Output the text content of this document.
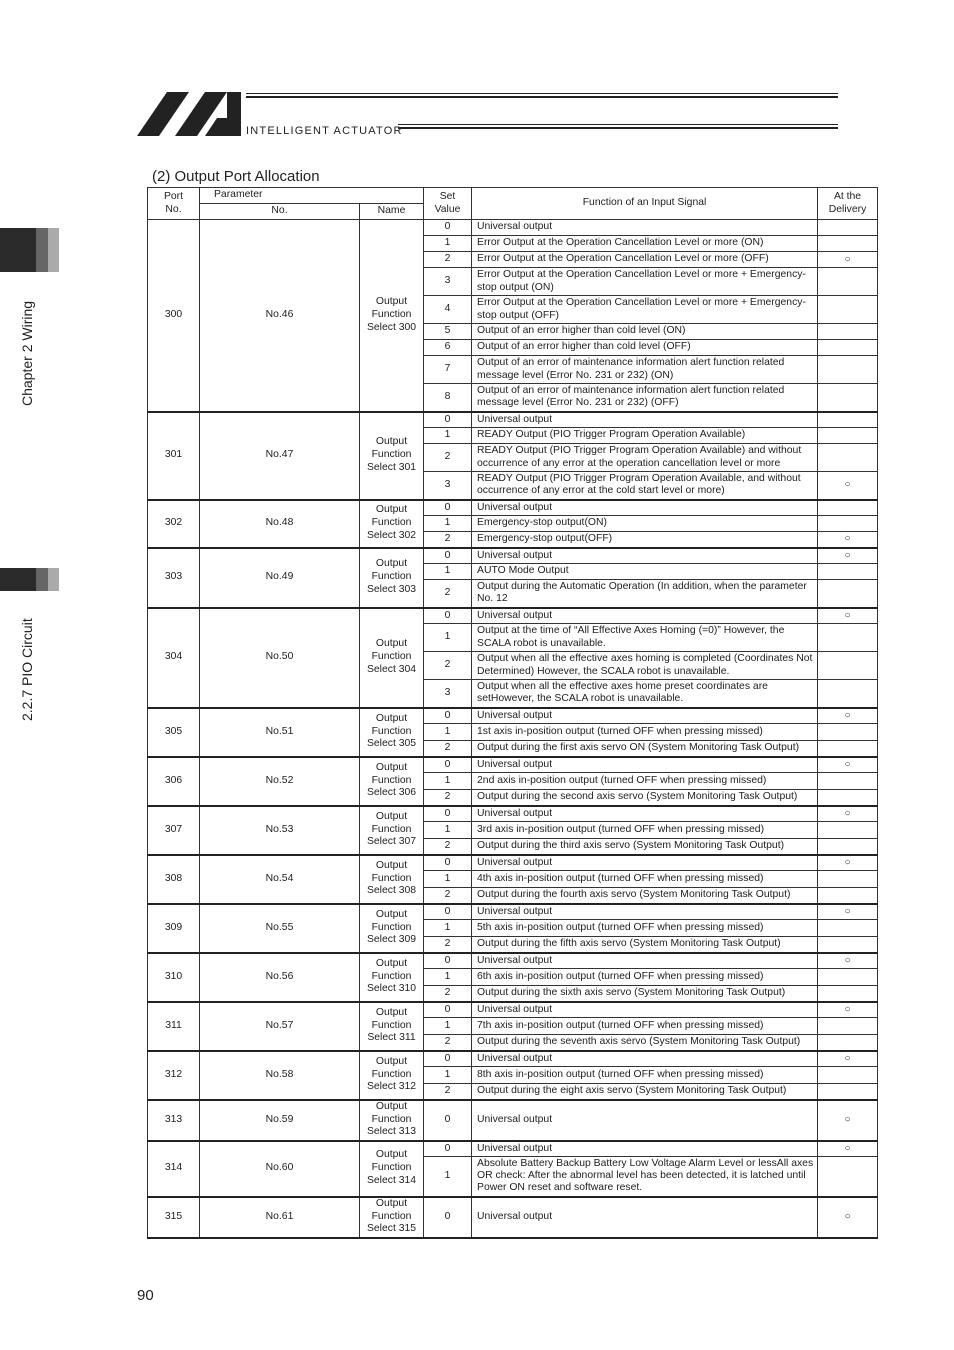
INTELLIGENT ACTUATOR
Chapter 2 Wiring
2.2.7 PIO Circuit
(2) Output Port Allocation
Port No.	Parameter		Set Value	Function of an Input Signal	At the Delivery
	No.	Name			
300	No.46	Output Function Select 300	0	Universal output	
			1	Error Output at the Operation Cancellation Level or more (ON)	
			2	Error Output at the Operation Cancellation Level or more (OFF)	○
			3	Error Output at the Operation Cancellation Level or more + Emergency-stop output (ON)	
			4	Error Output at the Operation Cancellation Level or more + Emergency-stop output (OFF)	
			5	Output of an error higher than cold level (ON)	
			6	Output of an error higher than cold level (OFF)	
			7	Output of an error of maintenance information alert function related message level (Error No. 231 or 232) (ON)	
			8	Output of an error of maintenance information alert function related message level (Error No. 231 or 232) (OFF)	
301	No.47	Output Function Select 301	0	Universal output	
			1	READY Output (PIO Trigger Program Operation Available)	
			2	READY Output (PIO Trigger Program Operation Available) and without occurrence of any error at the operation cancellation level or more	
			3	READY Output (PIO Trigger Program Operation Available, and without occurrence of any error at the cold start level or more)	○
302	No.48	Output Function Select 302	0	Universal output	
			1	Emergency-stop output(ON)	
			2	Emergency-stop output(OFF)	○
303	No.49	Output Function Select 303	0	Universal output	○
			1	AUTO Mode Output	
			2	Output during the Automatic Operation (In addition, when the parameter No. 12	
304	No.50	Output Function Select 304	0	Universal output	○
			1	Output at the time of “All Effective Axes Homing (=0)” However, the SCALA robot is unavailable.	
			2	Output when all the effective axes homing is completed (Coordinates Not Determined) However, the SCALA robot is unavailable.	
			3	Output when all the effective axes home preset coordinates are setHowever, the SCALA robot is unavailable.	
305	No.51	Output Function Select 305	0	Universal output	○
			1	1st axis in-position output (turned OFF when pressing missed)	
			2	Output during the first axis servo ON (System Monitoring Task Output)	
306	No.52	Output Function Select 306	0	Universal output	○
			1	2nd axis in-position output (turned OFF when pressing missed)	
			2	Output during the second axis servo (System Monitoring Task Output)	
307	No.53	Output Function Select 307	0	Universal output	○
			1	3rd axis in-position output (turned OFF when pressing missed)	
			2	Output during the third axis servo (System Monitoring Task Output)	
308	No.54	Output Function Select 308	0	Universal output	○
			1	4th axis in-position output (turned OFF when pressing missed)	
			2	Output during the fourth axis servo (System Monitoring Task Output)	
309	No.55	Output Function Select 309	0	Universal output	○
			1	5th axis in-position output (turned OFF when pressing missed)	
			2	Output during the fifth axis servo (System Monitoring Task Output)	
310	No.56	Output Function Select 310	0	Universal output	○
			1	6th axis in-position output (turned OFF when pressing missed)	
			2	Output during the sixth axis servo (System Monitoring Task Output)	
311	No.57	Output Function Select 311	0	Universal output	○
			1	7th axis in-position output (turned OFF when pressing missed)	
			2	Output during the seventh axis servo (System Monitoring Task Output)	
312	No.58	Output Function Select 312	0	Universal output	○
			1	8th axis in-position output (turned OFF when pressing missed)	
			2	Output during the eight axis servo (System Monitoring Task Output)	
313	No.59	Output Function Select 313	0	Universal output	○
314	No.60	Output Function Select 314	0	Universal output	○
			1	Absolute Battery Backup Battery Low Voltage Alarm Level or lessAll axes OR check: After the abnormal level has been detected, it is latched until Power ON reset and software reset.	
315	No.61	Output Function Select 315	0	Universal output	○
90
